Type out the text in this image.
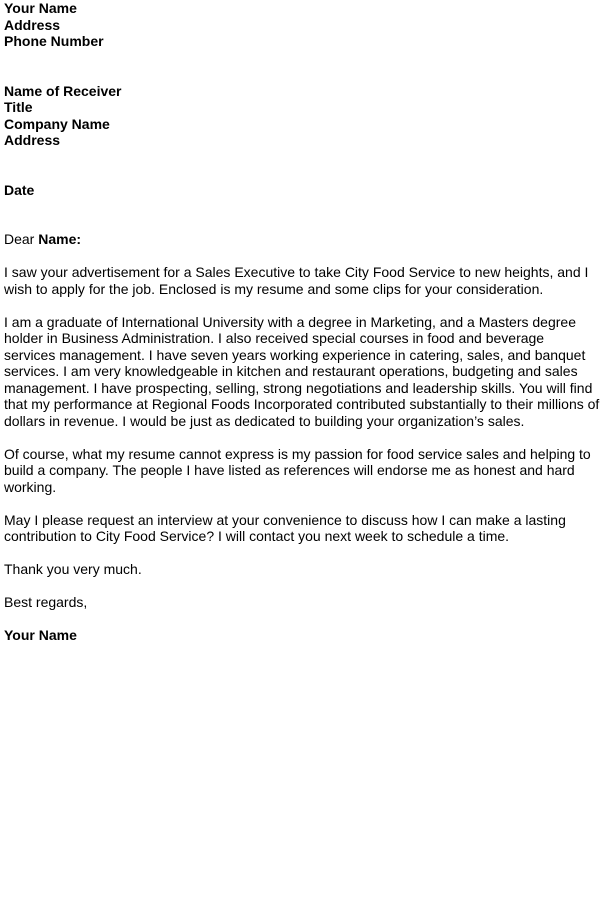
Your Name
Address
Phone Number
Name of Receiver
Title
Company Name
Address
Date
Dear Name:
I saw your advertisement for a Sales Executive to take City Food Service to new heights, and I
wish to apply for the job. Enclosed is my resume and some clips for your consideration.
I am a graduate of International University with a degree in Marketing, and a Masters degree
holder in Business Administration. I also received special courses in food and beverage
services management. I have seven years working experience in catering, sales, and banquet
services. I am very knowledgeable in kitchen and restaurant operations, budgeting and sales
management. I have prospecting, selling, strong negotiations and leadership skills. You will find
that my performance at Regional Foods Incorporated contributed substantially to their millions of
dollars in revenue. I would be just as dedicated to building your organization’s sales.
Of course, what my resume cannot express is my passion for food service sales and helping to
build a company. The people I have listed as references will endorse me as honest and hard
working.
May I please request an interview at your convenience to discuss how I can make a lasting
contribution to City Food Service? I will contact you next week to schedule a time.
Thank you very much.
Best regards,
Your Name
